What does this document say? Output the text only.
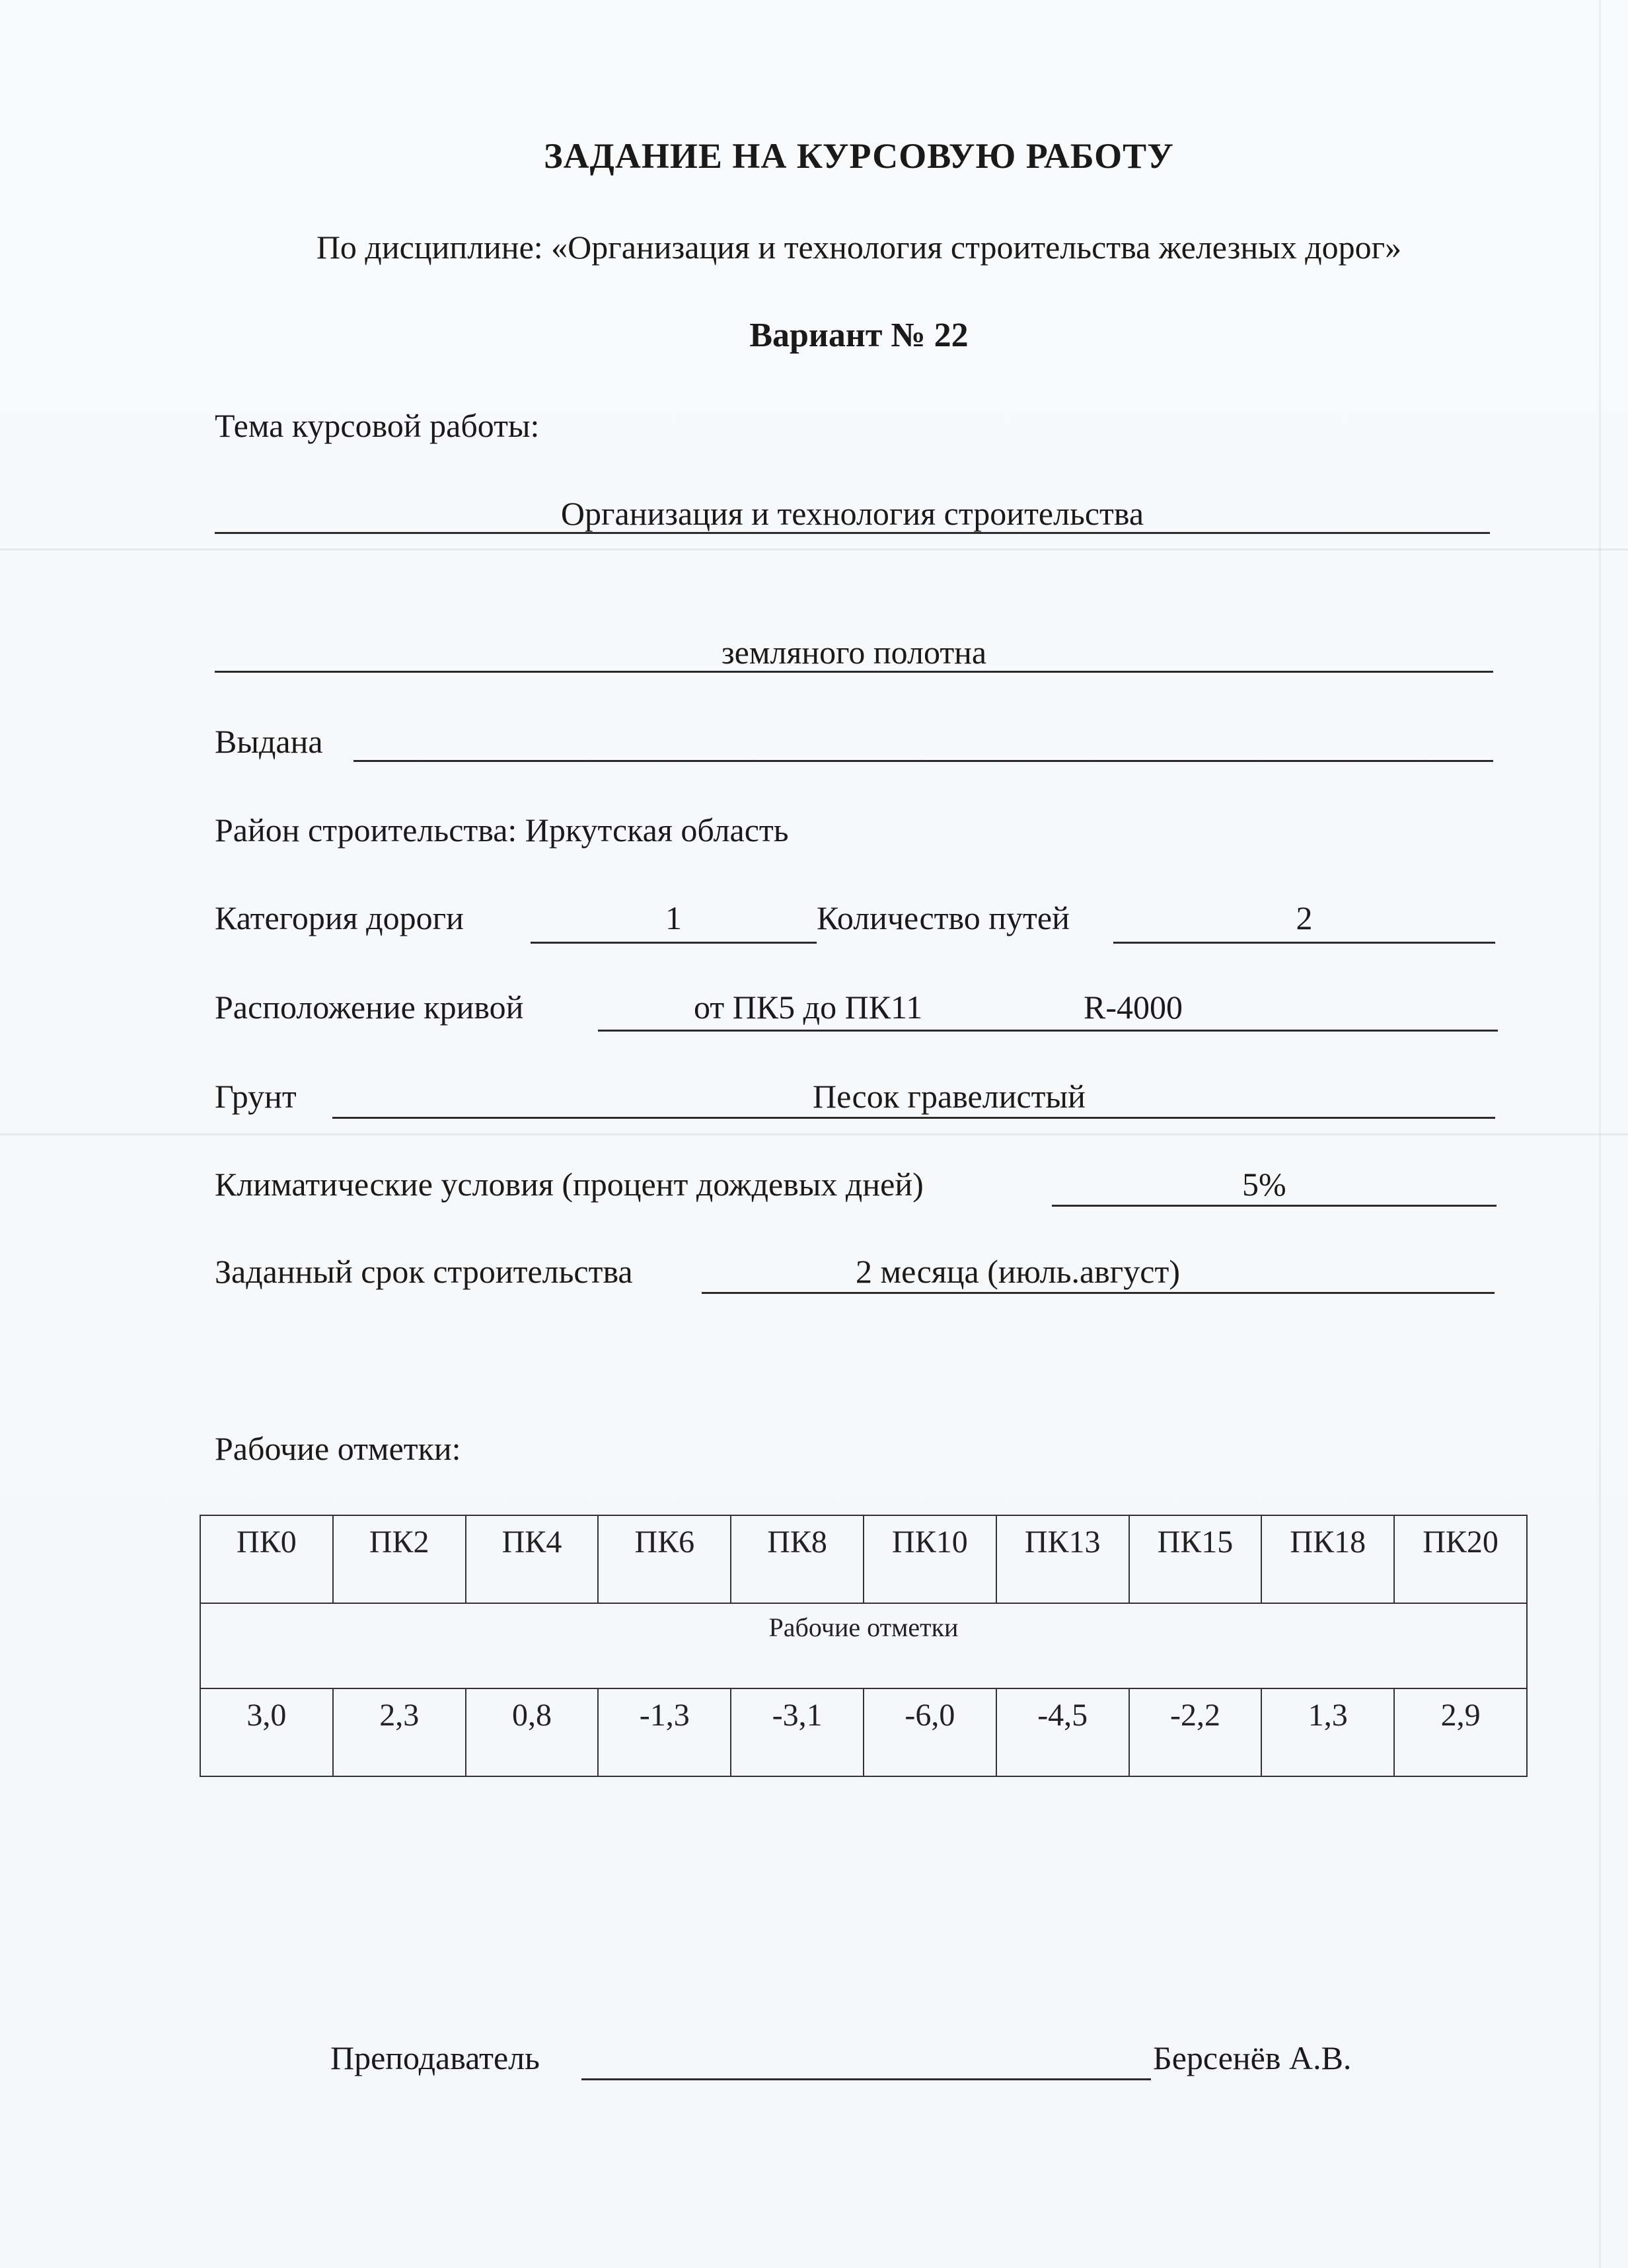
ЗАДАНИЕ НА КУРСОВУЮ РАБОТУ
По дисциплине: «Организация и технология строительства железных дорог»
Вариант № 22
Тема курсовой работы:
Организация и технология строительства
земляного полотна
Выдана
Район строительства: Иркутская область
Категория дороги	1	Количество путей	2
Расположение кривой	от ПК5 до ПК11	R-4000
Грунт	Песок гравелистый
Климатические условия (процент дождевых дней)	5%
Заданный срок строительства	2 месяца (июль.август)
Рабочие отметки:
ПК0	ПК2	ПК4	ПК6	ПК8	ПК10	ПК13	ПК15	ПК18	ПК20
Рабочие отметки									
3,0	2,3	0,8	-1,3	-3,1	-6,0	-4,5	-2,2	1,3	2,9
Преподаватель	Берсенёв А.В.
